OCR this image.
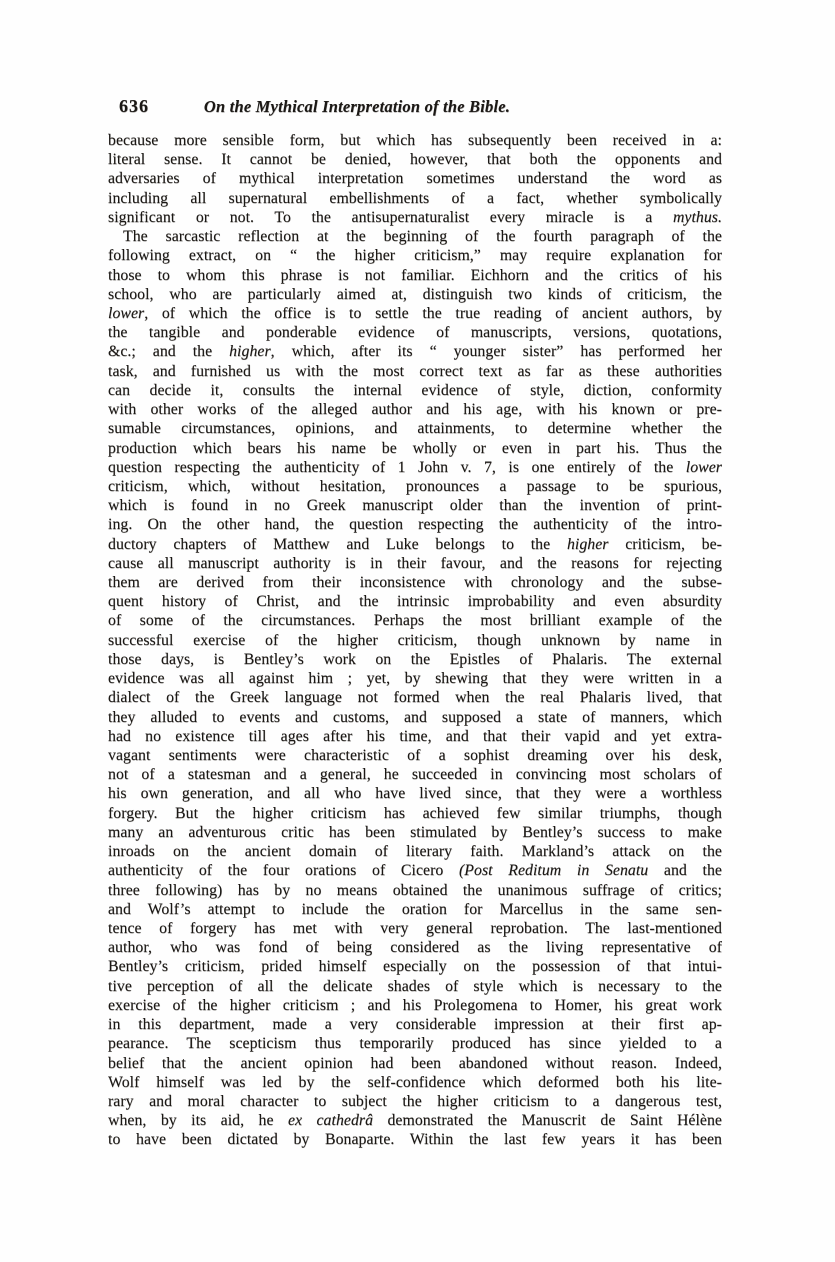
636	On the Mythical Interpretation of the Bible.
because more sensible form, but which has subsequently been received in a:
literal sense. It cannot be denied, however, that both the opponents and
adversaries of mythical interpretation sometimes understand the word as
including all supernatural embellishments of a fact, whether symbolically
significant or not. To the antisupernaturalist every miracle is a mythus.
The sarcastic reflection at the beginning of the fourth paragraph of the
following extract, on “ the higher criticism,” may require explanation for
those to whom this phrase is not familiar. Eichhorn and the critics of his
school, who are particularly aimed at, distinguish two kinds of criticism, the
lower, of which the office is to settle the true reading of ancient authors, by
the tangible and ponderable evidence of manuscripts, versions, quotations,
&c.; and the higher, which, after its “ younger sister” has performed her
task, and furnished us with the most correct text as far as these authorities
can decide it, consults the internal evidence of style, diction, conformity
with other works of the alleged author and his age, with his known or pre-
sumable circumstances, opinions, and attainments, to determine whether the
production which bears his name be wholly or even in part his. Thus the
question respecting the authenticity of 1 John v. 7, is one entirely of the lower
criticism, which, without hesitation, pronounces a passage to be spurious,
which is found in no Greek manuscript older than the invention of print-
ing. On the other hand, the question respecting the authenticity of the intro-
ductory chapters of Matthew and Luke belongs to the higher criticism, be-
cause all manuscript authority is in their favour, and the reasons for rejecting
them are derived from their inconsistence with chronology and the subse-
quent history of Christ, and the intrinsic improbability and even absurdity
of some of the circumstances. Perhaps the most brilliant example of the
successful exercise of the higher criticism, though unknown by name in
those days, is Bentley’s work on the Epistles of Phalaris. The external
evidence was all against him ; yet, by shewing that they were written in a
dialect of the Greek language not formed when the real Phalaris lived, that
they alluded to events and customs, and supposed a state of manners, which
had no existence till ages after his time, and that their vapid and yet extra-
vagant sentiments were characteristic of a sophist dreaming over his desk,
not of a statesman and a general, he succeeded in convincing most scholars of
his own generation, and all who have lived since, that they were a worthless
forgery. But the higher criticism has achieved few similar triumphs, though
many an adventurous critic has been stimulated by Bentley’s success to make
inroads on the ancient domain of literary faith. Markland’s attack on the
authenticity of the four orations of Cicero (Post Reditum in Senatu and the
three following) has by no means obtained the unanimous suffrage of critics;
and Wolf’s attempt to include the oration for Marcellus in the same sen-
tence of forgery has met with very general reprobation. The last-mentioned
author, who was fond of being considered as the living representative of
Bentley’s criticism, prided himself especially on the possession of that intui-
tive perception of all the delicate shades of style which is necessary to the
exercise of the higher criticism ; and his Prolegomena to Homer, his great work
in this department, made a very considerable impression at their first ap-
pearance. The scepticism thus temporarily produced has since yielded to a
belief that the ancient opinion had been abandoned without reason. Indeed,
Wolf himself was led by the self-confidence which deformed both his lite-
rary and moral character to subject the higher criticism to a dangerous test,
when, by its aid, he ex cathedrâ demonstrated the Manuscrit de Saint Hélène
to have been dictated by Bonaparte. Within the last few years it has been
